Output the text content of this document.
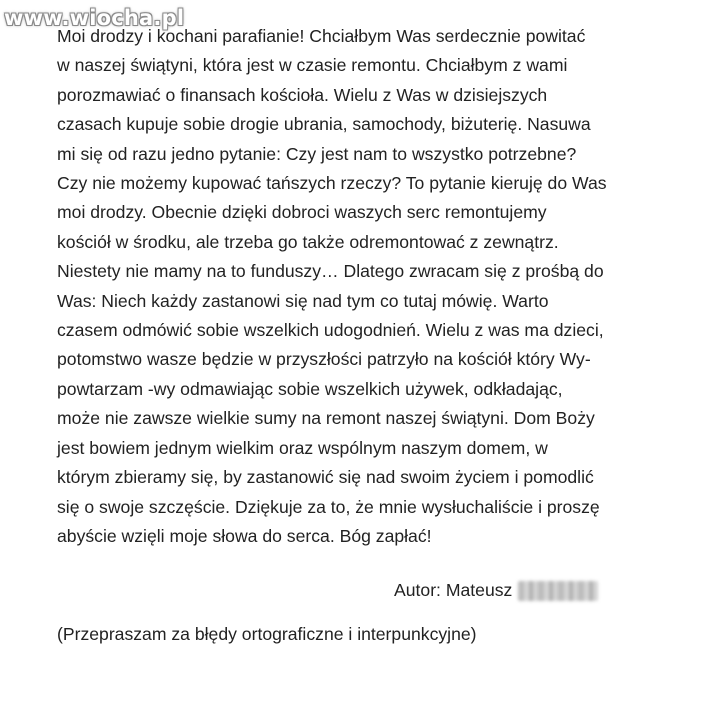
www.wiocha.pl
Moi drodzy i kochani parafianie! Chciałbym Was serdecznie powitać
w naszej świątyni, która jest w czasie remontu. Chciałbym z wami
porozmawiać o finansach kościoła. Wielu z Was w dzisiejszych
czasach kupuje sobie drogie ubrania, samochody, biżuterię. Nasuwa
mi się od razu jedno pytanie: Czy jest nam to wszystko potrzebne?
Czy nie możemy kupować tańszych rzeczy? To pytanie kieruję do Was
moi drodzy. Obecnie dzięki dobroci waszych serc remontujemy
kościół w środku, ale trzeba go także odremontować z zewnątrz.
Niestety nie mamy na to funduszy… Dlatego zwracam się z prośbą do
Was: Niech każdy zastanowi się nad tym co tutaj mówię. Warto
czasem odmówić sobie wszelkich udogodnień. Wielu z was ma dzieci,
potomstwo wasze będzie w przyszłości patrzyło na kościół który Wy-
powtarzam -wy odmawiając sobie wszelkich używek, odkładając,
może nie zawsze wielkie sumy na remont naszej świątyni. Dom Boży
jest bowiem jednym wielkim oraz wspólnym naszym domem, w
którym zbieramy się, by zastanowić się nad swoim życiem i pomodlić
się o swoje szczęście. Dziękuje za to, że mnie wysłuchaliście i proszę
abyście wzięli moje słowa do serca. Bóg zapłać!
Autor: Mateusz
(Przepraszam za błędy ortograficzne i interpunkcyjne)
